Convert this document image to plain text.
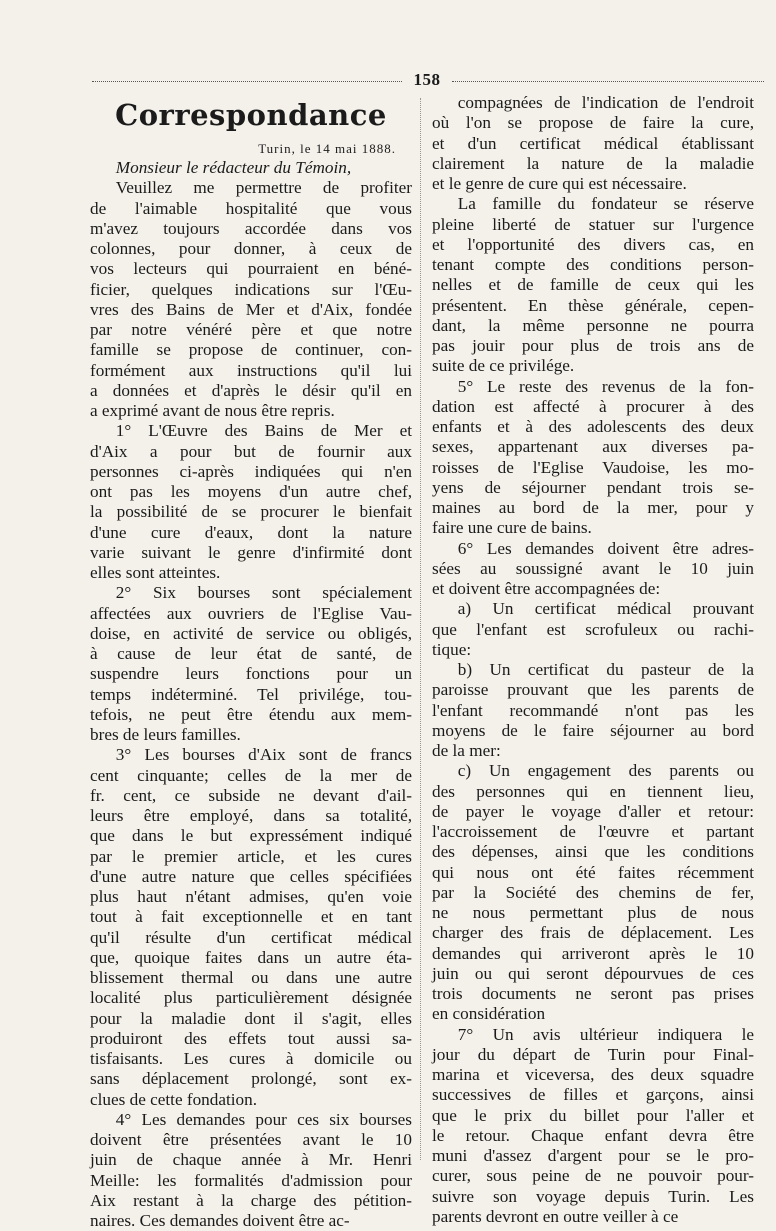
158
Correspondance
Turin, le 14 mai 1888.

Monsieur le rédacteur du Témoin,

Veuillez me permettre de profiter
de l'aimable hospitalité que vous
m'avez toujours accordée dans vos
colonnes, pour donner, à ceux de
vos lecteurs qui pourraient en béné-
ficier, quelques indications sur l'Œu-
vres des Bains de Mer et d'Aix, fondée
par notre vénéré père et que notre
famille se propose de continuer, con-
formément aux instructions qu'il lui
a données et d'après le désir qu'il en
a exprimé avant de nous être repris.
1° L'Œuvre des Bains de Mer et
d'Aix a pour but de fournir aux
personnes ci-après indiquées qui n'en
ont pas les moyens d'un autre chef,
la possibilité de se procurer le bienfait
d'une cure d'eaux, dont la nature
varie suivant le genre d'infirmité dont
elles sont atteintes.
2° Six bourses sont spécialement
affectées aux ouvriers de l'Eglise Vau-
doise, en activité de service ou obligés,
à cause de leur état de santé, de
suspendre leurs fonctions pour un
temps indéterminé. Tel privilége, tou-
tefois, ne peut être étendu aux mem-
bres de leurs familles.
3° Les bourses d'Aix sont de francs
cent cinquante; celles de la mer de
fr. cent, ce subside ne devant d'ail-
leurs être employé, dans sa totalité,
que dans le but expressément indiqué
par le premier article, et les cures
d'une autre nature que celles spécifiées
plus haut n'étant admises, qu'en voie
tout à fait exceptionnelle et en tant
qu'il résulte d'un certificat médical
que, quoique faites dans un autre éta-
blissement thermal ou dans une autre
localité plus particulièrement désignée
pour la maladie dont il s'agit, elles
produiront des effets tout aussi sa-
tisfaisants. Les cures à domicile ou
sans déplacement prolongé, sont ex-
clues de cette fondation.
4° Les demandes pour ces six bourses
doivent être présentées avant le 10
juin de chaque année à Mr. Henri
Meille: les formalités d'admission pour
Aix restant à la charge des pétition-
naires. Ces demandes doivent être ac-
compagnées de l'indication de l'endroit
où l'on se propose de faire la cure,
et d'un certificat médical établissant
clairement la nature de la maladie
et le genre de cure qui est nécessaire.
La famille du fondateur se réserve
pleine liberté de statuer sur l'urgence
et l'opportunité des divers cas, en
tenant compte des conditions person-
nelles et de famille de ceux qui les
présentent. En thèse générale, cepen-
dant, la même personne ne pourra
pas jouir pour plus de trois ans de
suite de ce privilége.
5° Le reste des revenus de la fon-
dation est affecté à procurer à des
enfants et à des adolescents des deux
sexes, appartenant aux diverses pa-
roisses de l'Eglise Vaudoise, les mo-
yens de séjourner pendant trois se-
maines au bord de la mer, pour y
faire une cure de bains.
6° Les demandes doivent être adres-
sées au soussigné avant le 10 juin
et doivent être accompagnées de:
a) Un certificat médical prouvant
que l'enfant est scrofuleux ou rachi-
tique:
b) Un certificat du pasteur de la
paroisse prouvant que les parents de
l'enfant recommandé n'ont pas les
moyens de le faire séjourner au bord
de la mer:
c) Un engagement des parents ou
des personnes qui en tiennent lieu,
de payer le voyage d'aller et retour:
l'accroissement de l'œuvre et partant
des dépenses, ainsi que les conditions
qui nous ont été faites récemment
par la Société des chemins de fer,
ne nous permettant plus de nous
charger des frais de déplacement. Les
demandes qui arriveront après le 10
juin ou qui seront dépourvues de ces
trois documents ne seront pas prises
en considération
7° Un avis ultérieur indiquera le
jour du départ de Turin pour Final-
marina et viceversa, des deux squadre
successives de filles et garçons, ainsi
que le prix du billet pour l'aller et
le retour. Chaque enfant devra être
muni d'assez d'argent pour se le pro-
curer, sous peine de ne pouvoir pour-
suivre son voyage depuis Turin. Les
parents devront en outre veiller à ce
